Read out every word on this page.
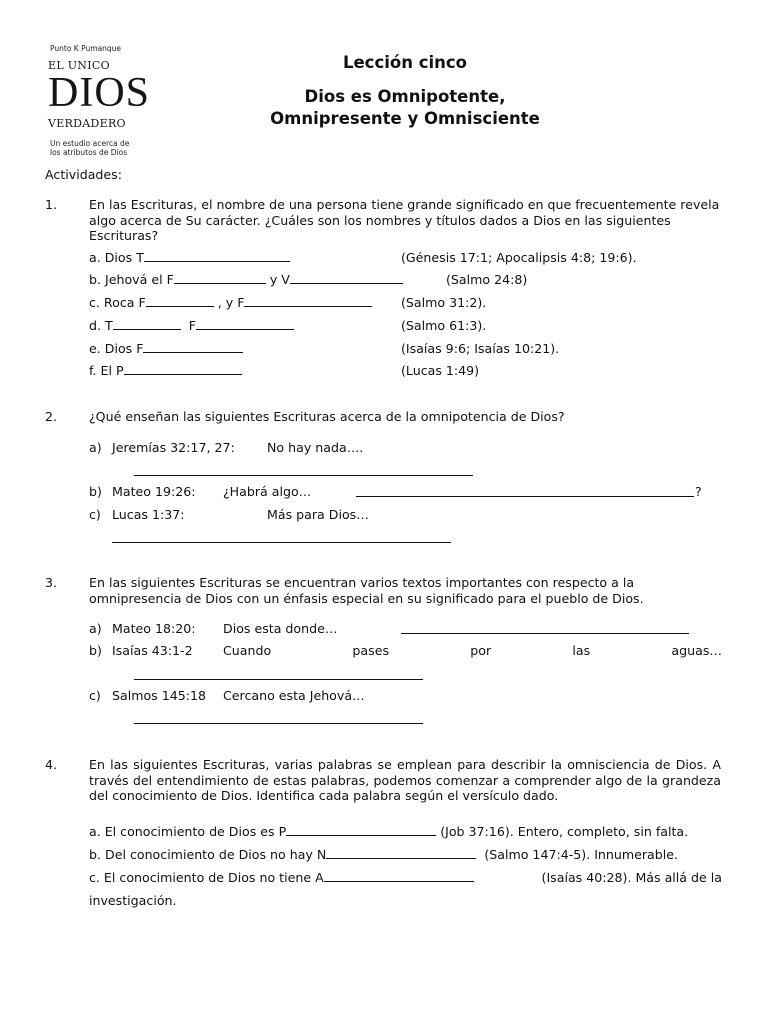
Punto K Pumanque
EL UNICO
DIOS
VERDADERO
Un estudio acerca de
los atributos de Dios
Lección cinco
Dios es Omnipotente,
Omnipresente y Omnisciente
Actividades:
1.	En las Escrituras, el nombre de una persona tiene grande significado en que frecuentemente revela algo acerca de Su carácter. ¿Cuáles son los nombres y títulos dados a Dios en las siguientes Escrituras?
a. Dios T	(Génesis 17:1; Apocalipsis 4:8; 19:6).
b. Jehová el F	y V	(Salmo 24:8)
c. Roca F	, y F	(Salmo 31:2).
d. T	F	(Salmo 61:3).
e. Dios F	(Isaías 9:6; Isaías 10:21).
f. El P	(Lucas 1:49)
2.	¿Qué enseñan las siguientes Escrituras acerca de la omnipotencia de Dios?
a) Jeremías 32:17, 27:	No hay nada….
b) Mateo 19:26: ¿Habrá algo…	?
c) Lucas 1:37:	Más para Dios…
3.	En las siguientes Escrituras se encuentran varios textos importantes con respecto a la omnipresencia de Dios con un énfasis especial en su significado para el pueblo de Dios.
a) Mateo 18:20: Dios esta donde…
b) Isaías 43:1-2 Cuando pases por las aguas…
c) Salmos 145:18 Cercano esta Jehová…
4.	En las siguientes Escrituras, varias palabras se emplean para describir la omnisciencia de Dios. A través del entendimiento de estas palabras, podemos comenzar a comprender algo de la grandeza del conocimiento de Dios. Identifica cada palabra según el versículo dado.
a. El conocimiento de Dios es P	(Job 37:16). Entero, completo, sin falta.
b. Del conocimiento de Dios no hay N	(Salmo 147:4-5). Innumerable.
c. El conocimiento de Dios no tiene A	(Isaías 40:28). Más allá de la
investigación.
